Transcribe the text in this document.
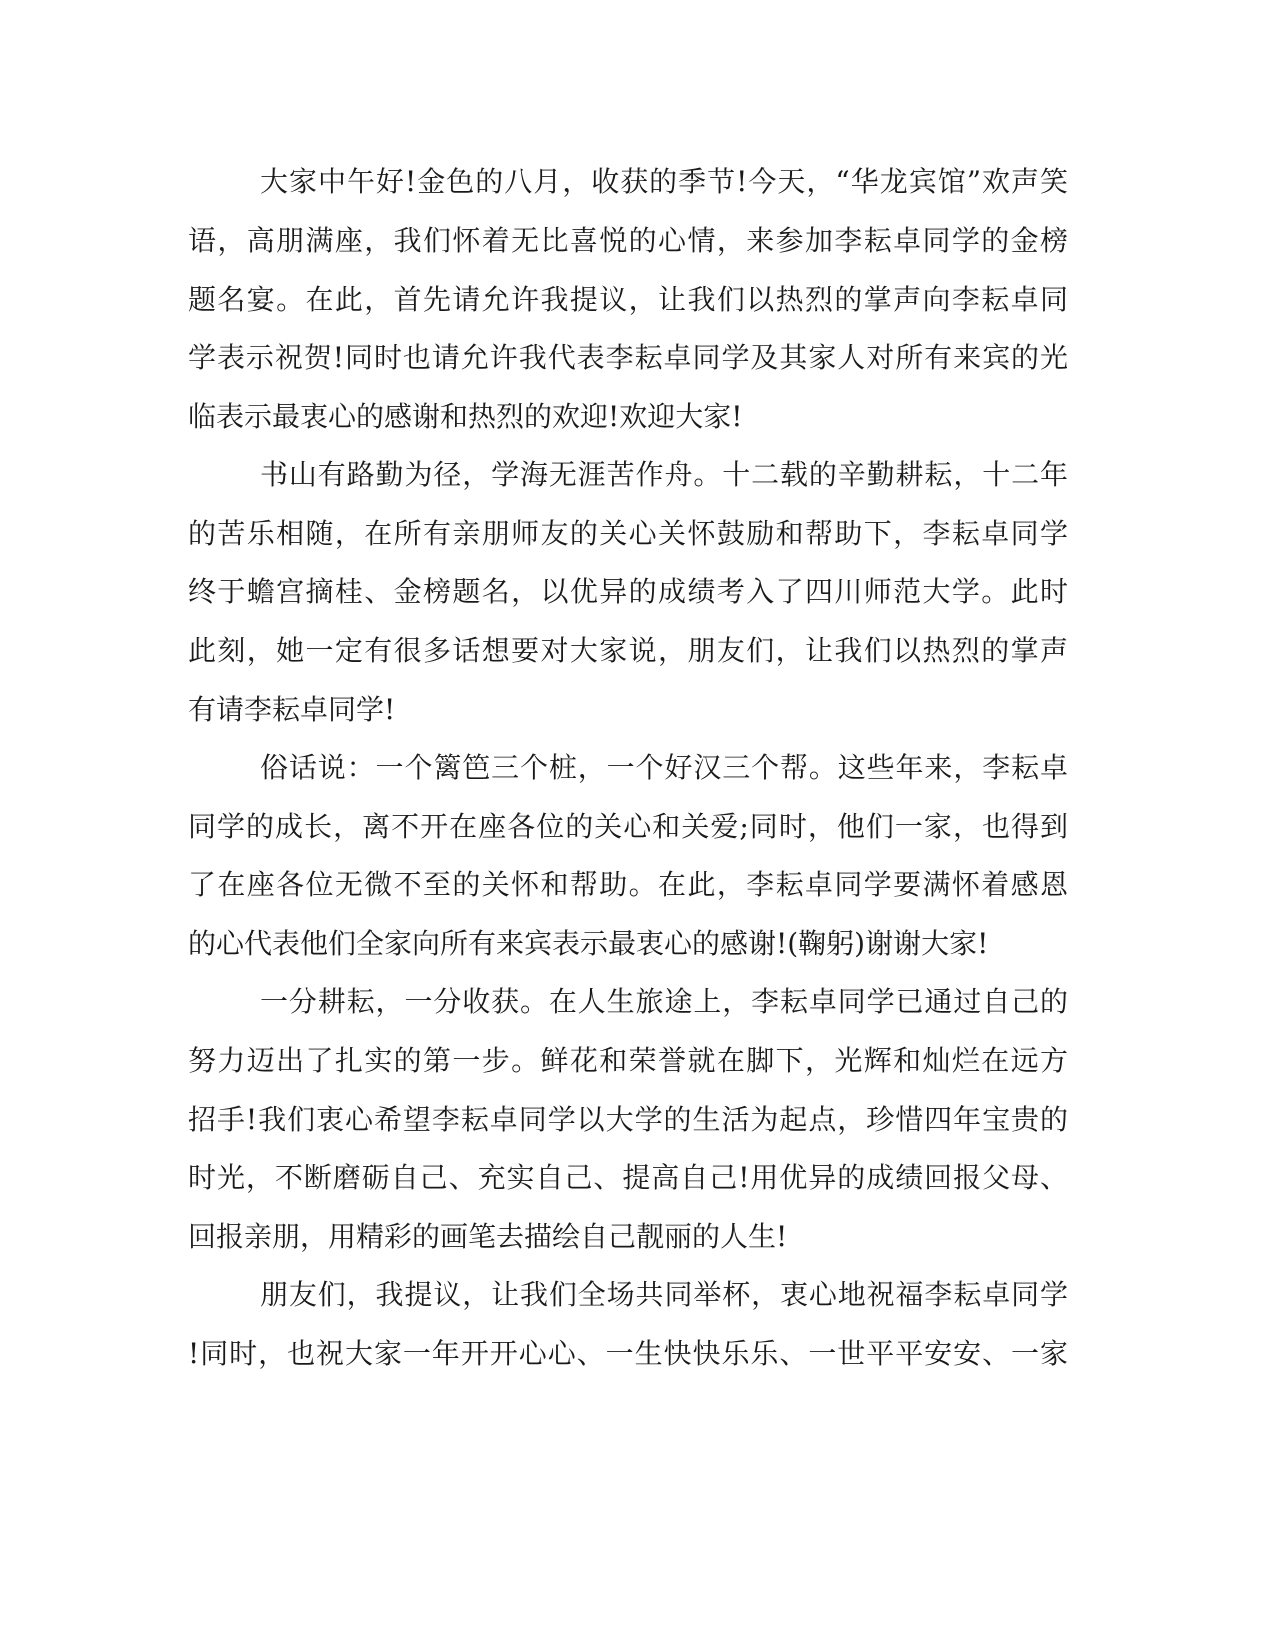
大家中午好!金色的八月，收获的季节!今天，“华龙宾馆”欢声笑

语，高朋满座，我们怀着无比喜悦的心情，来参加李耘卓同学的金榜

题名宴。在此，首先请允许我提议，让我们以热烈的掌声向李耘卓同

学表示祝贺!同时也请允许我代表李耘卓同学及其家人对所有来宾的光

临表示最衷心的感谢和热烈的欢迎!欢迎大家!

书山有路勤为径，学海无涯苦作舟。十二载的辛勤耕耘，十二年

的苦乐相随，在所有亲朋师友的关心关怀鼓励和帮助下，李耘卓同学

终于蟾宫摘桂、金榜题名，以优异的成绩考入了四川师范大学。此时

此刻，她一定有很多话想要对大家说，朋友们，让我们以热烈的掌声

有请李耘卓同学!

俗话说：一个篱笆三个桩，一个好汉三个帮。这些年来，李耘卓

同学的成长，离不开在座各位的关心和关爱;同时，他们一家，也得到

了在座各位无微不至的关怀和帮助。在此，李耘卓同学要满怀着感恩

的心代表他们全家向所有来宾表示最衷心的感谢!(鞠躬)谢谢大家!

一分耕耘，一分收获。在人生旅途上，李耘卓同学已通过自己的

努力迈出了扎实的第一步。鲜花和荣誉就在脚下，光辉和灿烂在远方

招手!我们衷心希望李耘卓同学以大学的生活为起点，珍惜四年宝贵的

时光，不断磨砺自己、充实自己、提高自己!用优异的成绩回报父母、

回报亲朋，用精彩的画笔去描绘自己靓丽的人生!

朋友们，我提议，让我们全场共同举杯，衷心地祝福李耘卓同学

!同时，也祝大家一年开开心心、一生快快乐乐、一世平平安安、一家
